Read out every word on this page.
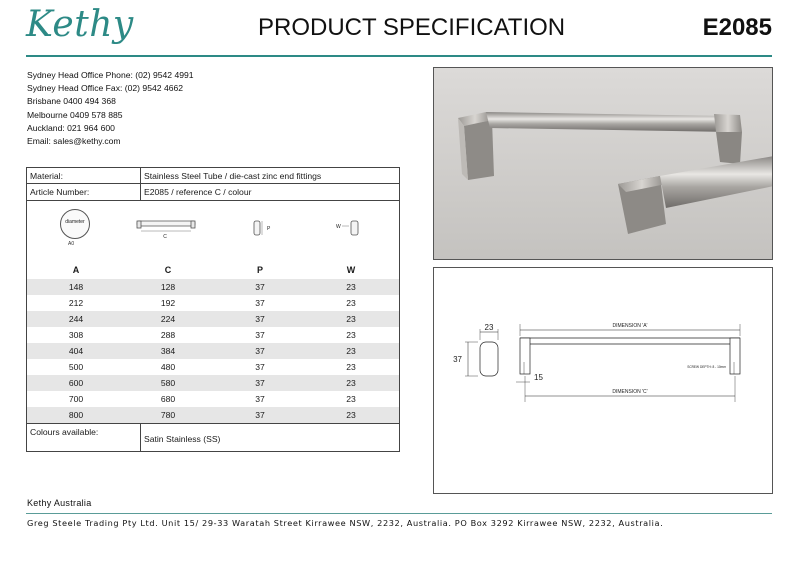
Kethy	PRODUCT SPECIFICATION	E2085
Sydney Head Office Phone: (02) 9542 4991
Sydney Head Office Fax: (02) 9542 4662
Brisbane 0400 494 368
Melbourne 0409 578 885
Auckland: 021 964 600
Email: sales@kethy.com
Material:	Stainless Steel Tube / die-cast zinc end fittings
Article Number:	E2085 / reference C / colour
diameter
A0
C
P	W
A	C	P	W
148	128	37	23
212	192	37	23
244	224	37	23
308	288	37	23
404	384	37	23
500	480	37	23
600	580	37	23
700	680	37	23
800	780	37	23
Colours available:
Satin Stainless (SS)
23
37
15
DIMENSION 'A'
DIMENSION 'C'
SCREW DEPTH: 8 - 10mm
Kethy Australia
Greg Steele Trading Pty Ltd. Unit 15/ 29-33 Waratah Street Kirrawee NSW, 2232, Australia. PO Box 3292 Kirrawee NSW, 2232, Australia.
